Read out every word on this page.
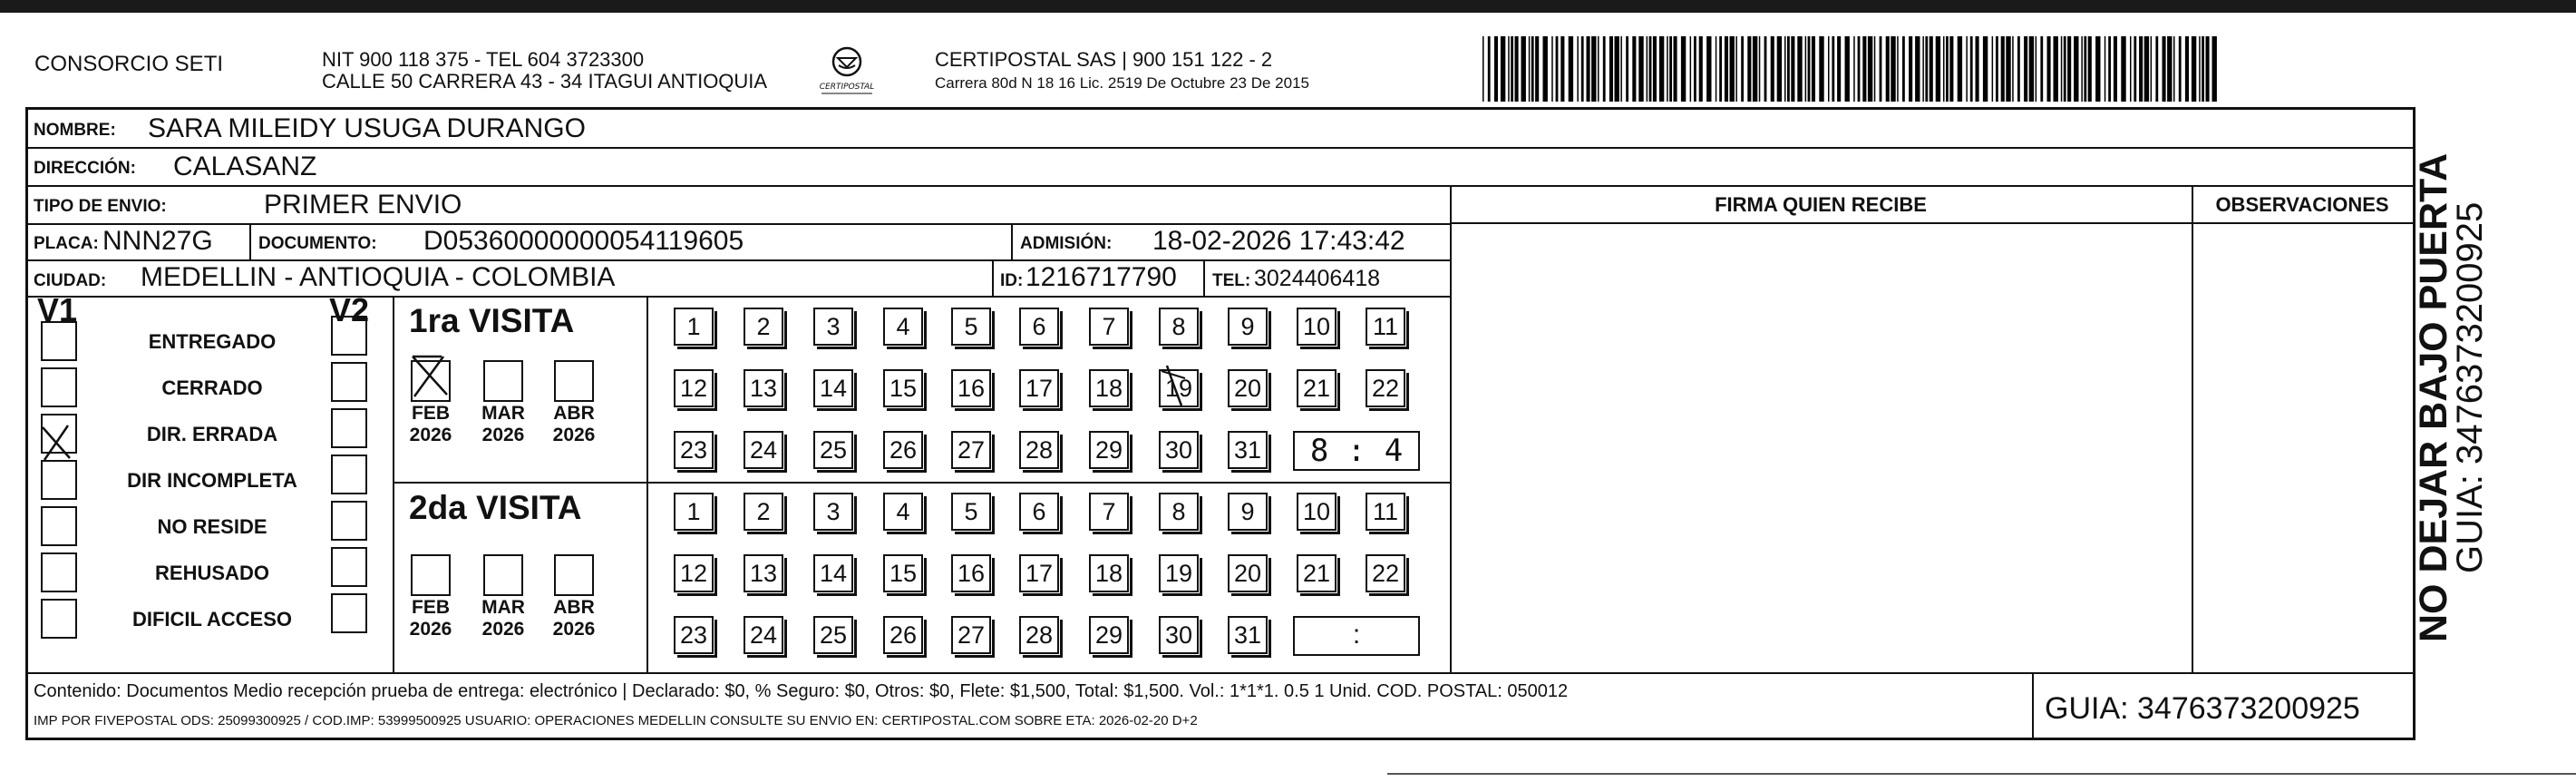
CONSORCIO SETI	NIT 900 118 375 - TEL 604 3723300
CALLE 50 CARRERA 43 - 34 ITAGUI ANTIOQUIA	CERTIPOSTAL
CERTIPOSTAL SAS | 900 151 122 - 2
Carrera 80d N 18 16 Lic. 2519 De Octubre 23 De 2015
NOMBRE: SARA MILEIDY USUGA DURANGO
DIRECCIÓN: CALASANZ
TIPO DE ENVIO:	PRIMER ENVIO	FIRMA QUIEN RECIBE	OBSERVACIONES
PLACA: NNN27G	DOCUMENTO: D05360000000054119605	ADMISIÓN: 18-02-2026 17:43:42
CIUDAD: MEDELLIN - ANTIOQUIA - COLOMBIA	ID: 1216717790 TEL: 3024406418
V1	V2
ENTREGADO
CERRADO
DIR. ERRADA
DIR INCOMPLETA
NO RESIDE
REHUSADO
DIFICIL ACCESO
1ra VISITA
FEB
2026
MAR
2026
ABR
2026
2da VISITA
FEB
2026
MAR
2026
ABR
2026
1	2	3	4	5	6	7	8	9	10 11
12 13 14 15 16 17 18 19 20 21 22
23 24 25 26 27 28 29 30 31
1	2	3	4	5	6	7	8	9	10 11
12 13 14 15 16 17 18 19 20 21 22
23 24 25 26 27 28 29 30 31
8 : 4
:
Contenido: Documentos Medio recepción prueba de entrega: electrónico | Declarado: $0, % Seguro: $0, Otros: $0, Flete: $1,500, Total: $1,500. Vol.: 1*1*1. 0.5 1 Unid. COD. POSTAL: 050012
IMP POR FIVEPOSTAL ODS: 25099300925 / COD.IMP: 53999500925 USUARIO: OPERACIONES MEDELLIN CONSULTE SU ENVIO EN: CERTIPOSTAL.COM SOBRE ETA: 2026-02-20 D+2	GUIA: 3476373200925
NO DEJAR BAJO PUERTA
GUIA: 3476373200925
